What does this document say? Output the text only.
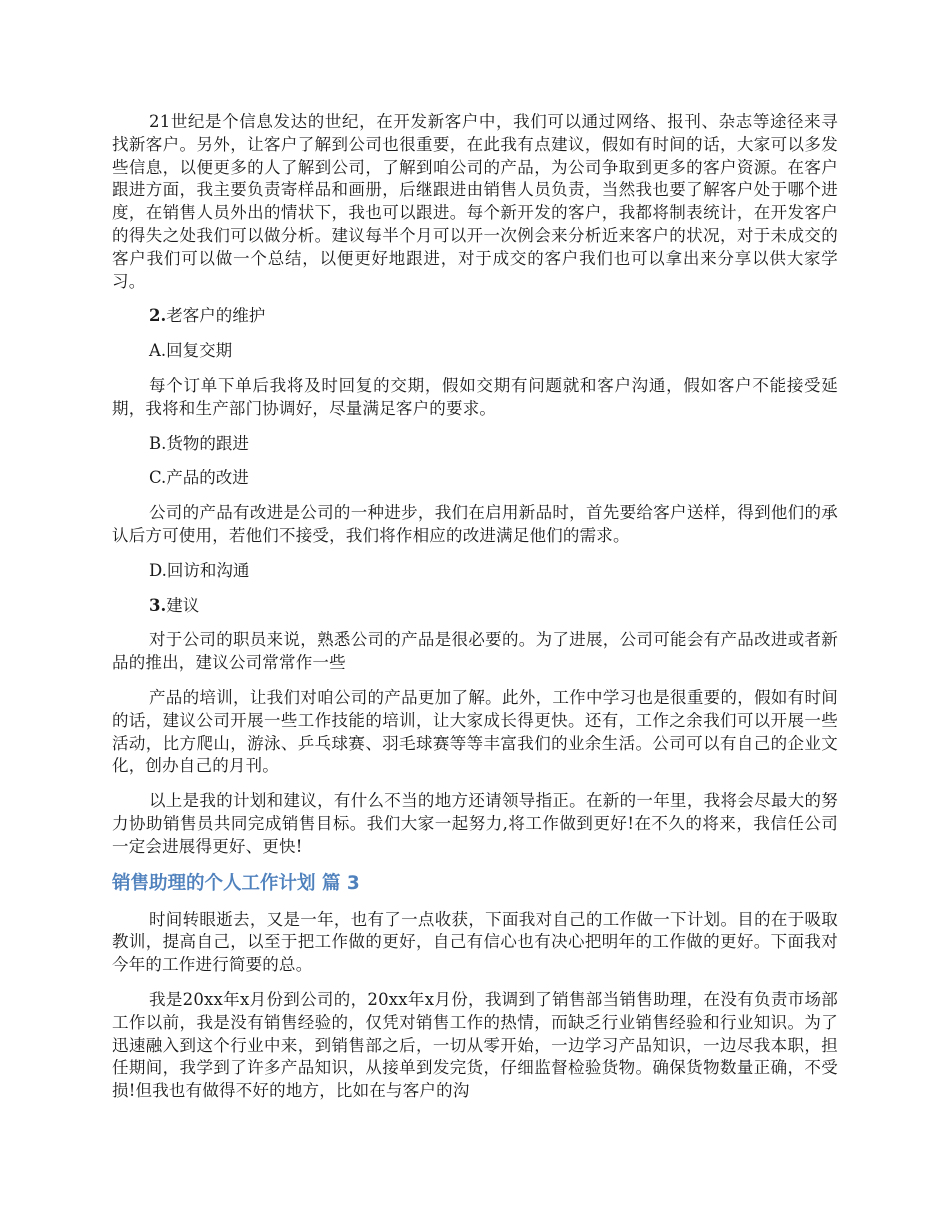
21世纪是个信息发达的世纪，在开发新客户中，我们可以通过网络、报刊、杂志等途径来寻找新客户。另外，让客户了解到公司也很重要，在此我有点建议，假如有时间的话，大家可以多发些信息，以便更多的人了解到公司，了解到咱公司的产品，为公司争取到更多的客户资源。在客户跟进方面，我主要负责寄样品和画册，后继跟进由销售人员负责，当然我也要了解客户处于哪个进度，在销售人员外出的情状下，我也可以跟进。每个新开发的客户，我都将制表统计，在开发客户的得失之处我们可以做分析。建议每半个月可以开一次例会来分析近来客户的状况，对于未成交的客户我们可以做一个总结，以便更好地跟进，对于成交的客户我们也可以拿出来分享以供大家学习。

2.老客户的维护

A.回复交期

每个订单下单后我将及时回复的交期，假如交期有问题就和客户沟通，假如客户不能接受延期，我将和生产部门协调好，尽量满足客户的要求。

B.货物的跟进

C.产品的改进

公司的产品有改进是公司的一种进步，我们在启用新品时，首先要给客户送样，得到他们的承认后方可使用，若他们不接受，我们将作相应的改进满足他们的需求。

D.回访和沟通

3.建议

对于公司的职员来说，熟悉公司的产品是很必要的。为了进展，公司可能会有产品改进或者新品的推出，建议公司常常作一些

产品的培训，让我们对咱公司的产品更加了解。此外，工作中学习也是很重要的，假如有时间的话，建议公司开展一些工作技能的培训，让大家成长得更快。还有，工作之余我们可以开展一些活动，比方爬山，游泳、乒乓球赛、羽毛球赛等等丰富我们的业余生活。公司可以有自己的企业文化，创办自己的月刊。

以上是我的计划和建议，有什么不当的地方还请领导指正。在新的一年里，我将会尽最大的努力协助销售员共同完成销售目标。我们大家一起努力,将工作做到更好!在不久的将来，我信任公司一定会进展得更好、更快!

销售助理的个人工作计划 篇 3

时间转眼逝去，又是一年，也有了一点收获，下面我对自己的工作做一下计划。目的在于吸取教训，提高自己，以至于把工作做的更好，自己有信心也有决心把明年的工作做的更好。下面我对今年的工作进行简要的总。

我是20xx年x月份到公司的，20xx年x月份，我调到了销售部当销售助理，在没有负责市场部工作以前，我是没有销售经验的，仅凭对销售工作的热情，而缺乏行业销售经验和行业知识。为了迅速融入到这个行业中来，到销售部之后，一切从零开始，一边学习产品知识，一边尽我本职，担任期间，我学到了许多产品知识，从接单到发完货，仔细监督检验货物。确保货物数量正确，不受损!但我也有做得不好的地方，比如在与客户的沟
